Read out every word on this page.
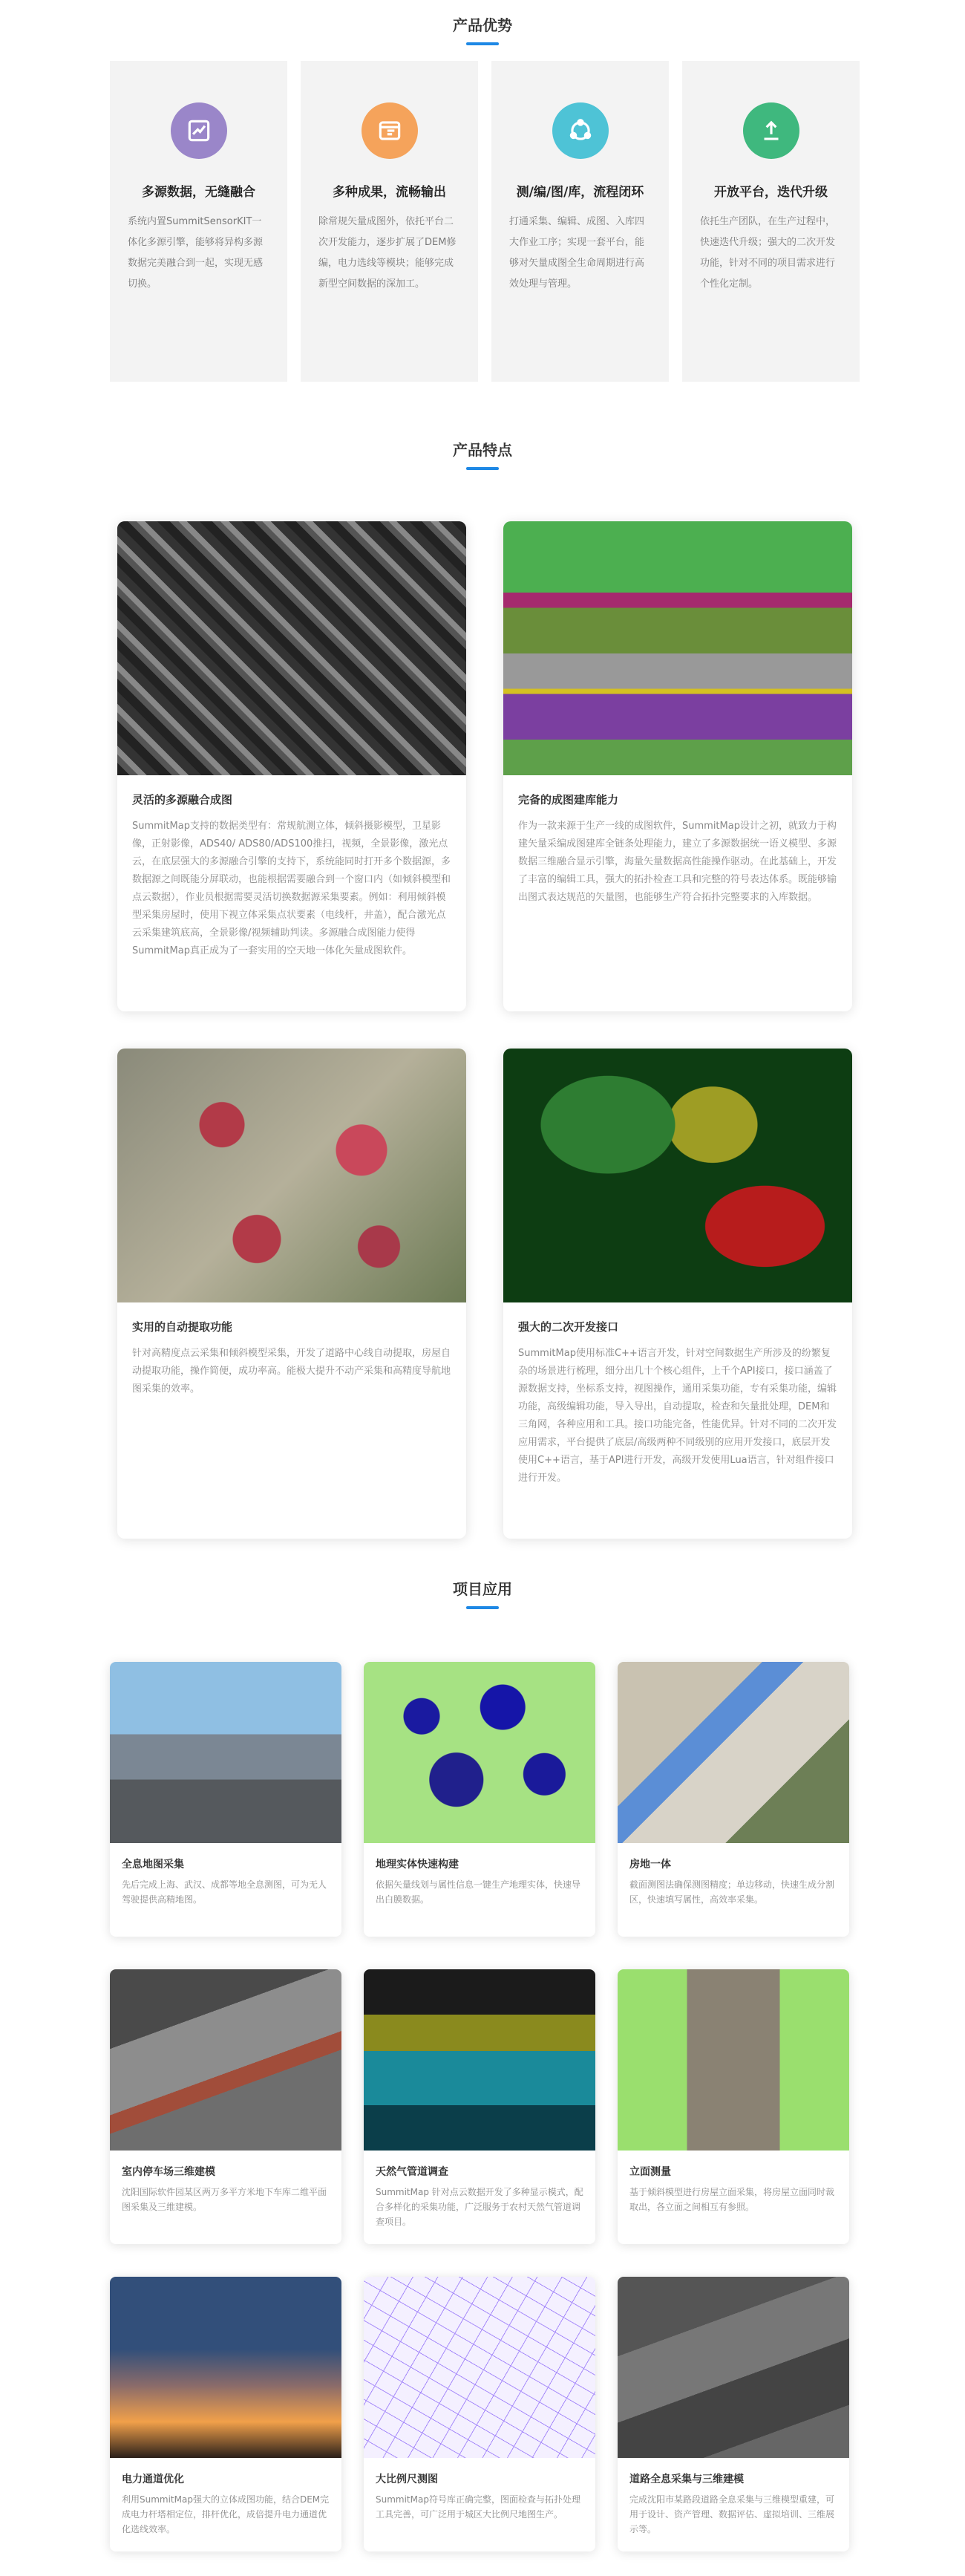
产品优势
多源数据，无缝融合
系统内置SummitSensorKIT一体化多源引擎，能够将异构多源数据完美融合到一起，实现无感切换。
多种成果，流畅输出
除常规矢量成图外，依托平台二次开发能力，逐步扩展了DEM修编，电力选线等模块；能够完成新型空间数据的深加工。
测/编/图/库，流程闭环
打通采集、编辑、成图、入库四大作业工序；实现一套平台，能够对矢量成图全生命周期进行高效处理与管理。
开放平台，迭代升级
依托生产团队，在生产过程中，快速迭代升级；强大的二次开发功能，针对不同的项目需求进行个性化定制。
产品特点
灵活的多源融合成图
SummitMap支持的数据类型有：常规航测立体，倾斜摄影模型，卫星影像，正射影像，ADS40/ ADS80/ADS100推扫，视频，全景影像，激光点云，在底层强大的多源融合引擎的支持下，系统能同时打开多个数据源，多数据源之间既能分屏联动，也能根据需要融合到一个窗口内（如倾斜模型和点云数据），作业员根据需要灵活切换数据源采集要素。例如：利用倾斜模型采集房屋时，使用下视立体采集点状要素（电线杆，井盖），配合激光点云采集建筑底高，全景影像/视频辅助判读。多源融合成图能力使得SummitMap真正成为了一套实用的空天地一体化矢量成图软件。
完备的成图建库能力
作为一款来源于生产一线的成图软件，SummitMap设计之初，就致力于构建矢量采编成图建库全链条处理能力，建立了多源数据统一语义模型、多源数据三维融合显示引擎，海量矢量数据高性能操作驱动。在此基础上，开发了丰富的编辑工具，强大的拓扑检查工具和完整的符号表达体系。既能够输出图式表达规范的矢量图，也能够生产符合拓扑完整要求的入库数据。
实用的自动提取功能
针对高精度点云采集和倾斜模型采集，开发了道路中心线自动提取，房屋自动提取功能，操作简便，成功率高。能极大提升不动产采集和高精度导航地图采集的效率。
强大的二次开发接口
SummitMap使用标准C++语言开发，针对空间数据生产所涉及的纷繁复杂的场景进行梳理，细分出几十个核心组件，上千个API接口，接口涵盖了源数据支持，坐标系支持，视图操作，通用采集功能，专有采集功能，编辑功能，高级编辑功能，导入导出，自动提取，检查和矢量批处理，DEM和三角网，各种应用和工具。接口功能完备，性能优异。针对不同的二次开发应用需求，平台提供了底层/高级两种不同级别的应用开发接口，底层开发使用C++语言，基于API进行开发，高级开发使用Lua语言，针对组件接口进行开发。
项目应用
全息地图采集
先后完成上海、武汉、成都等地全息测图，可为无人驾驶提供高精地图。
地理实体快速构建
依据矢量线划与属性信息一键生产地理实体，快速导出白膜数据。
房地一体
截面测图法确保测图精度；单边移动，快速生成分割区，快速填写属性，高效率采集。
室内停车场三维建模
沈阳国际软件园某区两万多平方米地下车库二维平面图采集及三维建模。
天然气管道调查
SummitMap 针对点云数据开发了多种显示模式，配合多样化的采集功能，广泛服务于农村天然气管道调查项目。
立面测量
基于倾斜模型进行房屋立面采集，将房屋立面同时裁取出，各立面之间相互有参照。
电力通道优化
利用SummitMap强大的立体成图功能，结合DEM完成电力杆塔相定位，排杆优化，成倍提升电力通道优化选线效率。
大比例尺测图
SummitMap符号库正确完整，图面检查与拓扑处理工具完善，可广泛用于城区大比例尺地图生产。
道路全息采集与三维建模
完成沈阳市某路段道路全息采集与三维模型重建，可用于设计、资产管理、数据评估、虚拟培训、三维展示等。
